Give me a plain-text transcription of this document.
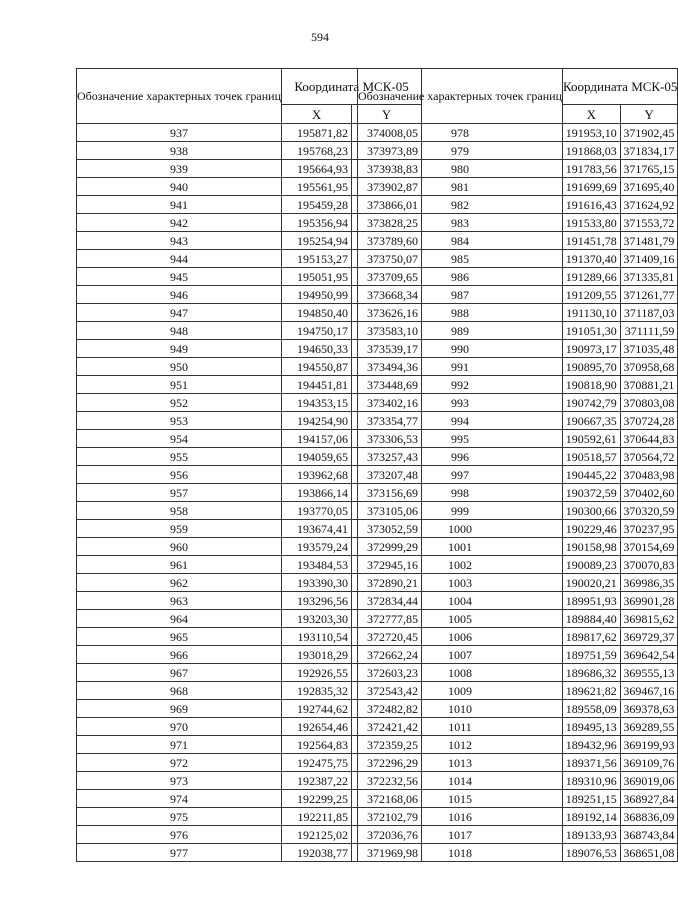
594
Обозначение характерных точек границ	Координата МСК-05	
	X	Y
937	195871,82	374008,05
938	195768,23	373973,89
939	195664,93	373938,83
940	195561,95	373902,87
941	195459,28	373866,01
942	195356,94	373828,25
943	195254,94	373789,60
944	195153,27	373750,07
945	195051,95	373709,65
946	194950,99	373668,34
947	194850,40	373626,16
948	194750,17	373583,10
949	194650,33	373539,17
950	194550,87	373494,36
951	194451,81	373448,69
952	194353,15	373402,16
953	194254,90	373354,77
954	194157,06	373306,53
955	194059,65	373257,43
956	193962,68	373207,48
957	193866,14	373156,69
958	193770,05	373105,06
959	193674,41	373052,59
960	193579,24	372999,29
961	193484,53	372945,16
962	193390,30	372890,21
963	193296,56	372834,44
964	193203,30	372777,85
965	193110,54	372720,45
966	193018,29	372662,24
967	192926,55	372603,23
968	192835,32	372543,42
969	192744,62	372482,82
970	192654,46	372421,42
971	192564,83	372359,25
972	192475,75	372296,29
973	192387,22	372232,56
974	192299,25	372168,06
975	192211,85	372102,79
976	192125,02	372036,76
977	192038,77	371969,98
Обозначение характерных точек границ	Координата МСК-05	
	X	Y
978	191953,10	371902,45
979	191868,03	371834,17
980	191783,56	371765,15
981	191699,69	371695,40
982	191616,43	371624,92
983	191533,80	371553,72
984	191451,78	371481,79
985	191370,40	371409,16
986	191289,66	371335,81
987	191209,55	371261,77
988	191130,10	371187,03
989	191051,30	371111,59
990	190973,17	371035,48
991	190895,70	370958,68
992	190818,90	370881,21
993	190742,79	370803,08
994	190667,35	370724,28
995	190592,61	370644,83
996	190518,57	370564,72
997	190445,22	370483,98
998	190372,59	370402,60
999	190300,66	370320,59
1000	190229,46	370237,95
1001	190158,98	370154,69
1002	190089,23	370070,83
1003	190020,21	369986,35
1004	189951,93	369901,28
1005	189884,40	369815,62
1006	189817,62	369729,37
1007	189751,59	369642,54
1008	189686,32	369555,13
1009	189621,82	369467,16
1010	189558,09	369378,63
1011	189495,13	369289,55
1012	189432,96	369199,93
1013	189371,56	369109,76
1014	189310,96	369019,06
1015	189251,15	368927,84
1016	189192,14	368836,09
1017	189133,93	368743,84
1018	189076,53	368651,08
